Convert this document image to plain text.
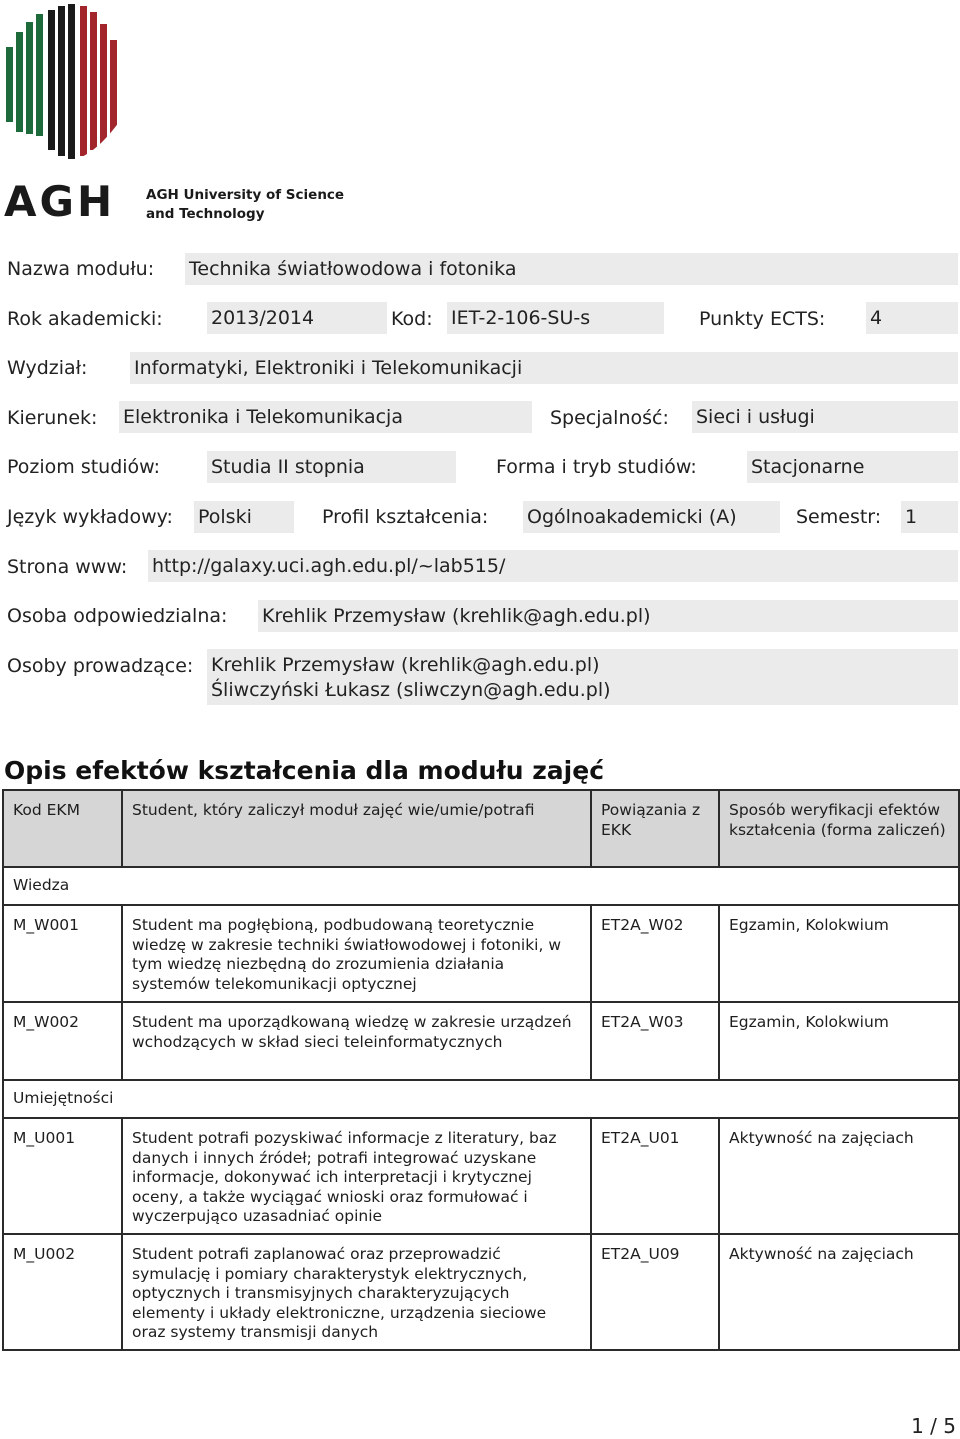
AGH AGH University of Science
and Technology
Nazwa modułu: Technika światłowodowa i fotonika
Rok akademicki:	2013/2014	Kod: IET-2-106-SU-s	Punkty ECTS: 4
Wydział: Informatyki, Elektroniki i Telekomunikacji
Kierunek: Elektronika i Telekomunikacja	Specjalność: Sieci i usługi
Poziom studiów:	Studia II stopnia	Forma i tryb studiów:	Stacjonarne
Język wykładowy: Polski	Profil kształcenia: Ogólnoakademicki (A)	Semestr: 1
Strona www: http://galaxy.uci.agh.edu.pl/~lab515/
Osoba odpowiedzialna: Krehlik Przemysław (krehlik@agh.edu.pl)
Osoby prowadzące: Krehlik Przemysław (krehlik@agh.edu.pl)
Śliwczyński Łukasz (sliwczyn@agh.edu.pl)
Opis efektów kształcenia dla modułu zajęć
Kod EKM	Student, który zaliczył moduł zajęć wie/umie/potrafi	Powiązania z EKK	Sposób weryfikacji efektów kształcenia (forma zaliczeń)
Wiedza			
M_W001	Student ma pogłębioną, podbudowaną teoretycznie wiedzę w zakresie techniki światłowodowej i fotoniki, w tym wiedzę niezbędną do zrozumienia działania systemów telekomunikacji optycznej	ET2A_W02	Egzamin, Kolokwium
M_W002	Student ma uporządkowaną wiedzę w zakresie urządzeń wchodzących w skład sieci teleinformatycznych	ET2A_W03	Egzamin, Kolokwium
Umiejętności			
M_U001	Student potrafi pozyskiwać informacje z literatury, baz danych i innych źródeł; potrafi integrować uzyskane informacje, dokonywać ich interpretacji i krytycznej oceny, a także wyciągać wnioski oraz formułować i wyczerpująco uzasadniać opinie	ET2A_U01	Aktywność na zajęciach
M_U002	Student potrafi zaplanować oraz przeprowadzić symulację i pomiary charakterystyk elektrycznych, optycznych i transmisyjnych charakteryzujących elementy i układy elektroniczne, urządzenia sieciowe oraz systemy transmisji danych	ET2A_U09	Aktywność na zajęciach
1 / 5
